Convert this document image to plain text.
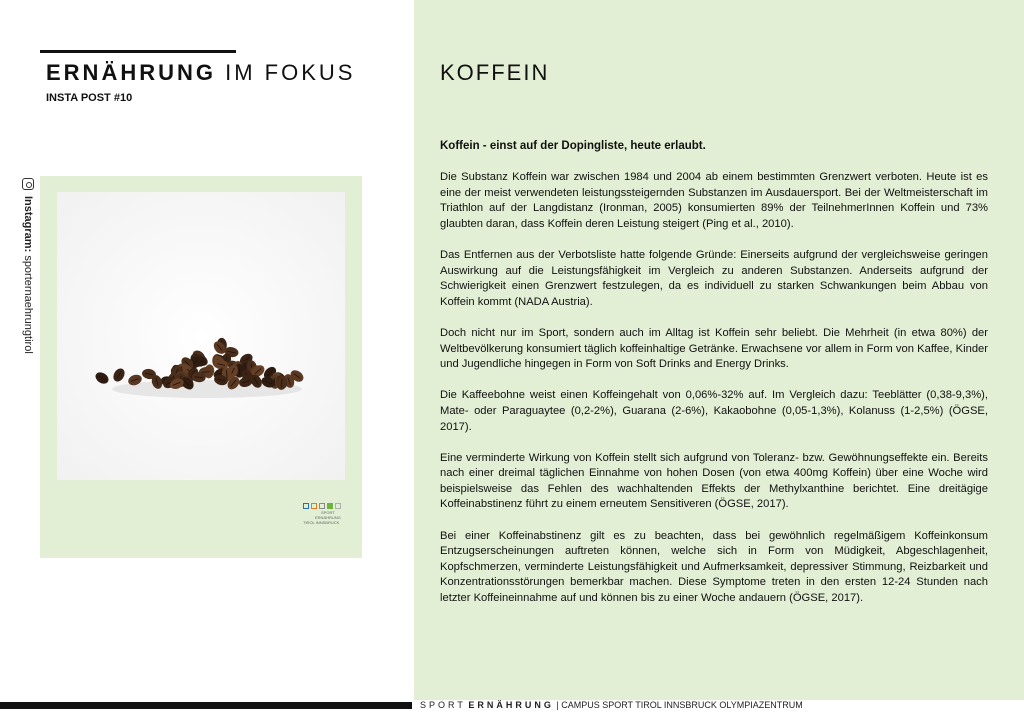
ERNÄHRUNG IM FOKUS
INSTA POST #10
Instagram: sporternaehrungtirol
SPORT
ERNÄHRUNG
TIROL INNSBRUCK
KOFFEIN
Koffein - einst auf der Dopingliste, heute erlaubt.

Die Substanz Koffein war zwischen 1984 und 2004 ab einem bestimmten Grenzwert verboten. Heute ist es eine der meist verwendeten leistungssteigernden Substanzen im Ausdauersport. Bei der Weltmeisterschaft im Triathlon auf der Langdistanz (Ironman, 2005) konsumierten 89% der TeilnehmerInnen Koffein und 73% glaubten daran, dass Koffein deren Leistung steigert (Ping et al., 2010).

Das Entfernen aus der Verbotsliste hatte folgende Gründe: Einerseits aufgrund der vergleichsweise geringen Auswirkung auf die Leistungsfähigkeit im Vergleich zu anderen Substanzen. Anderseits aufgrund der Schwierigkeit einen Grenzwert festzulegen, da es individuell zu starken Schwankungen beim Abbau von Koffein kommt (NADA Austria).

Doch nicht nur im Sport, sondern auch im Alltag ist Koffein sehr beliebt. Die Mehrheit (in etwa 80%) der Weltbevölkerung konsumiert täglich koffeinhaltige Getränke. Erwachsene vor allem in Form von Kaffee, Kinder und Jugendliche hingegen in Form von Soft Drinks and Energy Drinks.

Die Kaffeebohne weist einen Koffeingehalt von 0,06%-32% auf. Im Vergleich dazu: Teeblätter (0,38-9,3%), Mate- oder Paraguaytee (0,2-2%), Guarana (2-6%), Kakaobohne (0,05-1,3%), Kolanuss (1-2,5%) (ÖGSE, 2017).

Eine verminderte Wirkung von Koffein stellt sich aufgrund von Toleranz- bzw. Gewöhnungseffekte ein. Bereits nach einer dreimal täglichen Einnahme von hohen Dosen (von etwa 400mg Koffein) über eine Woche wird beispielsweise das Fehlen des wachhaltenden Effekts der Methylxanthine berichtet. Eine dreitägige Koffeinabstinenz führt zu einem erneutem Sensitiveren (ÖGSE, 2017).

Bei einer Koffeinabstinenz gilt es zu beachten, dass bei gewöhnlich regelmäßigem Koffeinkonsum Entzugserscheinungen auftreten können, welche sich in Form von Müdigkeit, Abgeschlagenheit, Kopfschmerzen, verminderte Leistungsfähigkeit und Aufmerksamkeit, depressiver Stimmung, Reizbarkeit und Konzentrationsstörungen bemerkbar machen. Diese Symptome treten in den ersten 12-24 Stunden nach letzter Koffeineinnahme auf und können bis zu einer Woche andauern (ÖGSE, 2017).

SPORT ERNÄHRUNG | CAMPUS SPORT TIROL INNSBRUCK OLYMPIAZENTRUM
